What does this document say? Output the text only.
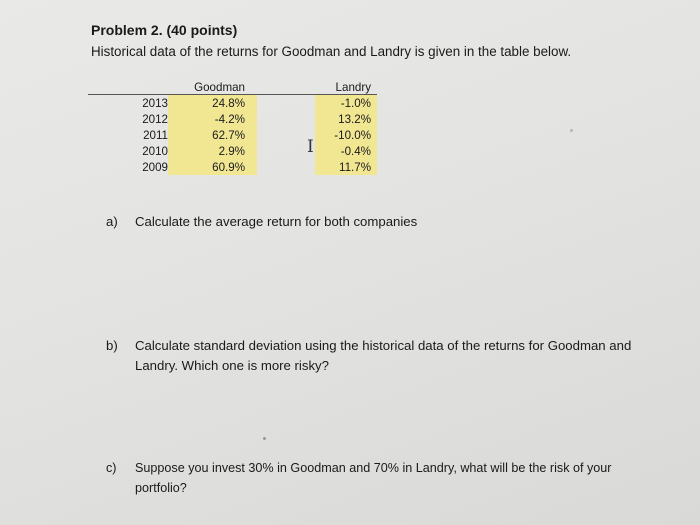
Problem 2. (40 points)
Historical data of the returns for Goodman and Landry is given in the table below.
	Goodman		Landry
2013	24.8%		-1.0%
2012	-4.2%		13.2%
2011	62.7%		-10.0%
2010	2.9%		-0.4%
2009	60.9%		11.7%
I
a) Calculate the average return for both companies
b) Calculate standard deviation using the historical data of the returns for Goodman and Landry. Which one is more risky?
c) Suppose you invest 30% in Goodman and 70% in Landry, what will be the risk of your portfolio?
